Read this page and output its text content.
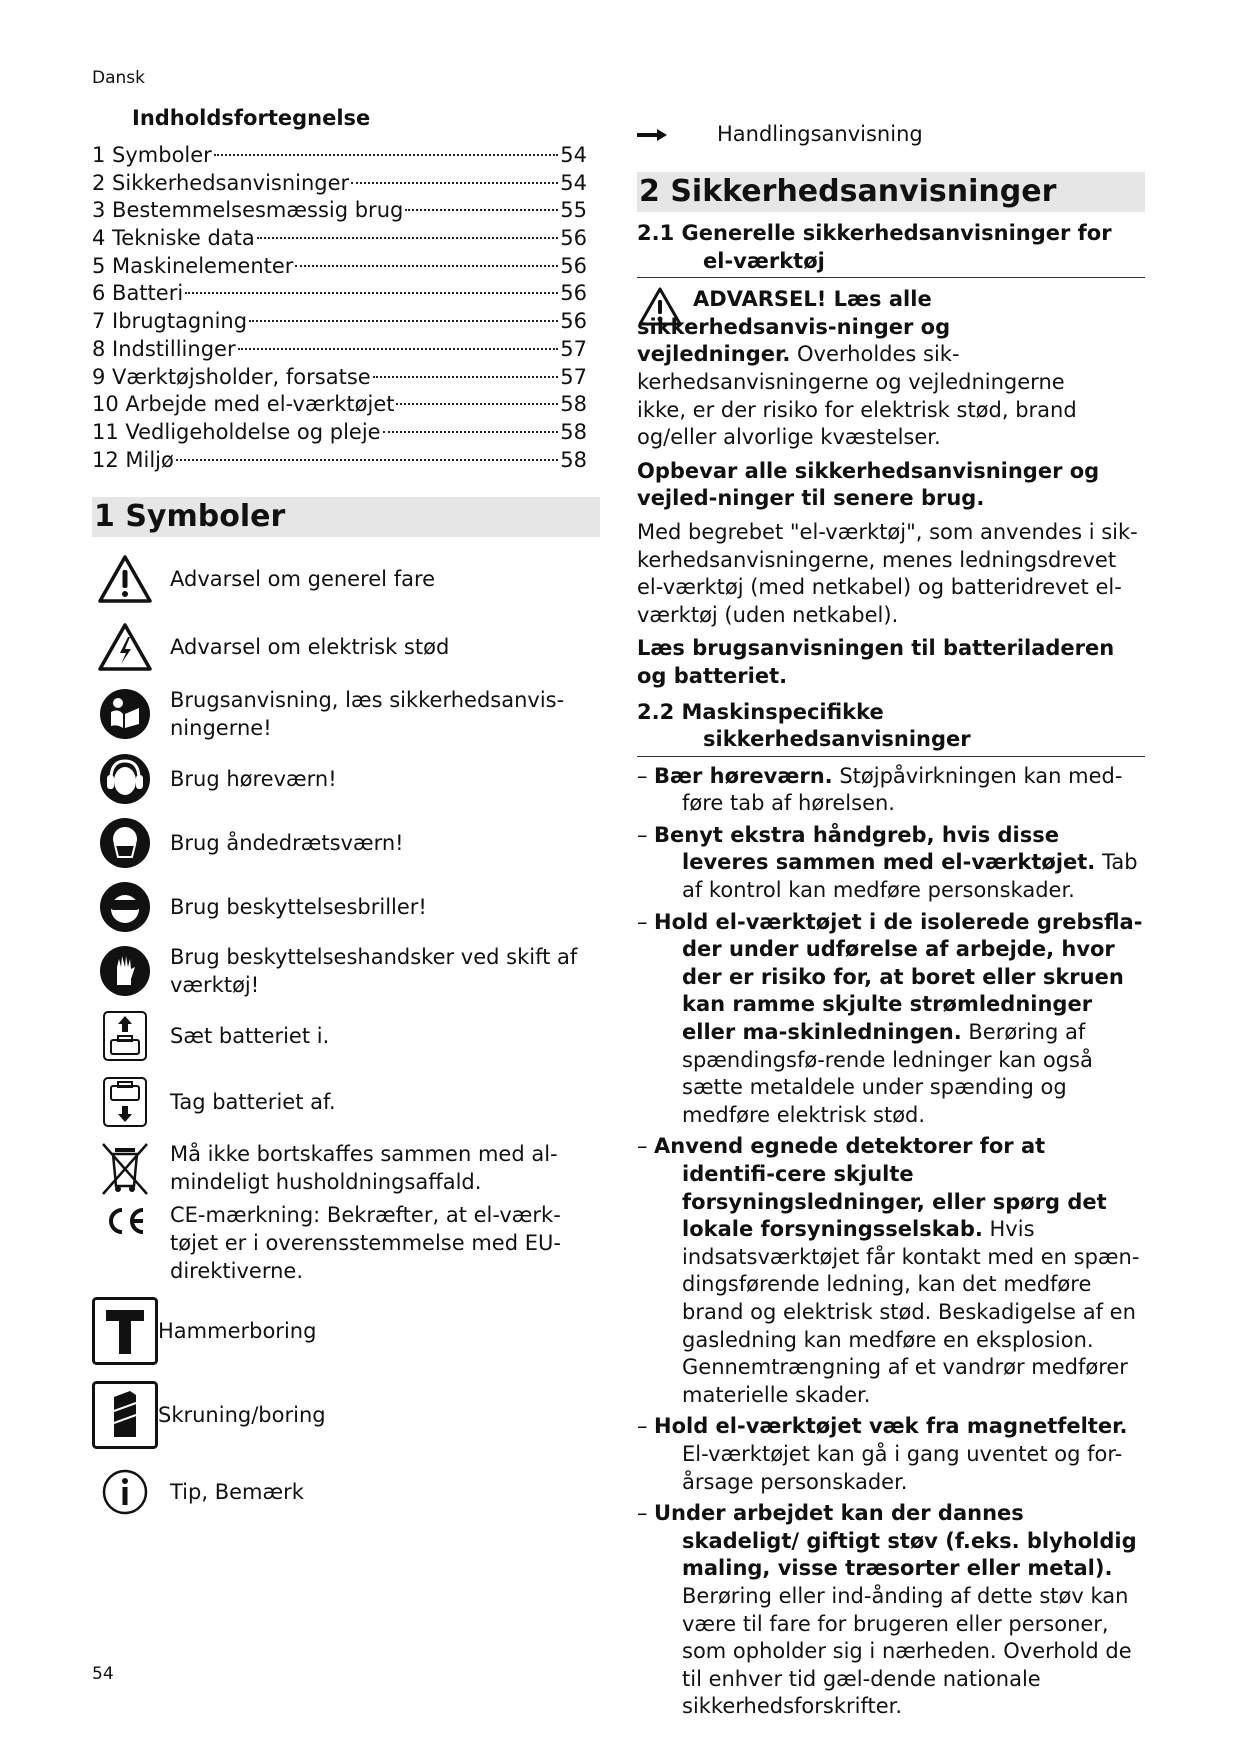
Dansk
Indholdsfortegnelse
1 Symboler	54
2 Sikkerhedsanvisninger	54
3 Bestemmelsesmæssig brug	55
4 Tekniske data	56
5 Maskinelementer	56
6 Batteri	56
7 Ibrugtagning	56
8 Indstillinger	57
9 Værktøjsholder, forsatse	57
10 Arbejde med el-værktøjet	58
11 Vedligeholdelse og pleje	58
12 Miljø	58
1 Symboler
Advarsel om generel fare
Advarsel om elektrisk stød
Brugsanvisning, læs sikkerhedsanvis-ningerne!
Brug høreværn!
Brug åndedrætsværn!
Brug beskyttelsesbriller!
Brug beskyttelseshandsker ved skift af værktøj!
Sæt batteriet i.
Tag batteriet af.
Må ikke bortskaffes sammen med al-mindeligt husholdningsaffald.
CE-mærkning: Bekræfter, at el-værk-tøjet er i overensstemmelse med EU-direktiverne.
Hammerboring
Skruning/boring
Tip, Bemærk
Handlingsanvisning
2 Sikkerhedsanvisninger
2.1 Generelle sikkerhedsanvisninger for
el-værktøj
ADVARSEL! Læs alle sikkerhedsanvis-ninger og vejledninger. Overholdes sik-kerhedsanvisningerne og vejledningerne ikke, er der risiko for elektrisk stød, brand og/eller alvorlige kvæstelser.

Opbevar alle sikkerhedsanvisninger og vejled-ninger til senere brug.

Med begrebet "el-værktøj", som anvendes i sik-kerhedsanvisningerne, menes ledningsdrevet el-værktøj (med netkabel) og batteridrevet el-værktøj (uden netkabel).

Læs brugsanvisningen til batteriladeren og batteriet.

2.2 Maskinspecifikke
sikkerhedsanvisninger
– Bær høreværn. Støjpåvirkningen kan med-føre tab af hørelsen.
– Benyt ekstra håndgreb, hvis disse leveres sammen med el-værktøjet. Tab af kontrol kan medføre personskader.
– Hold el-værktøjet i de isolerede grebsfla-der under udførelse af arbejde, hvor der er risiko for, at boret eller skruen kan ramme skjulte strømledninger eller ma-skinledningen. Berøring af spændingsfø-rende ledninger kan også sætte metaldele under spænding og medføre elektrisk stød.
– Anvend egnede detektorer for at identifi-cere skjulte forsyningsledninger, eller spørg det lokale forsyningsselskab. Hvis indsatsværktøjet får kontakt med en spæn-dingsførende ledning, kan det medføre brand og elektrisk stød. Beskadigelse af en gasledning kan medføre en eksplosion. Gennemtrængning af et vandrør medfører materielle skader.
– Hold el-værktøjet væk fra magnetfelter. El-værktøjet kan gå i gang uventet og for-årsage personskader.
– Under arbejdet kan der dannes skadeligt/ giftigt støv (f.eks. blyholdig maling, visse træsorter eller metal). Berøring eller ind-ånding af dette støv kan være til fare for brugeren eller personer, som opholder sig i nærheden. Overhold de til enhver tid gæl-dende nationale sikkerhedsforskrifter.
54
